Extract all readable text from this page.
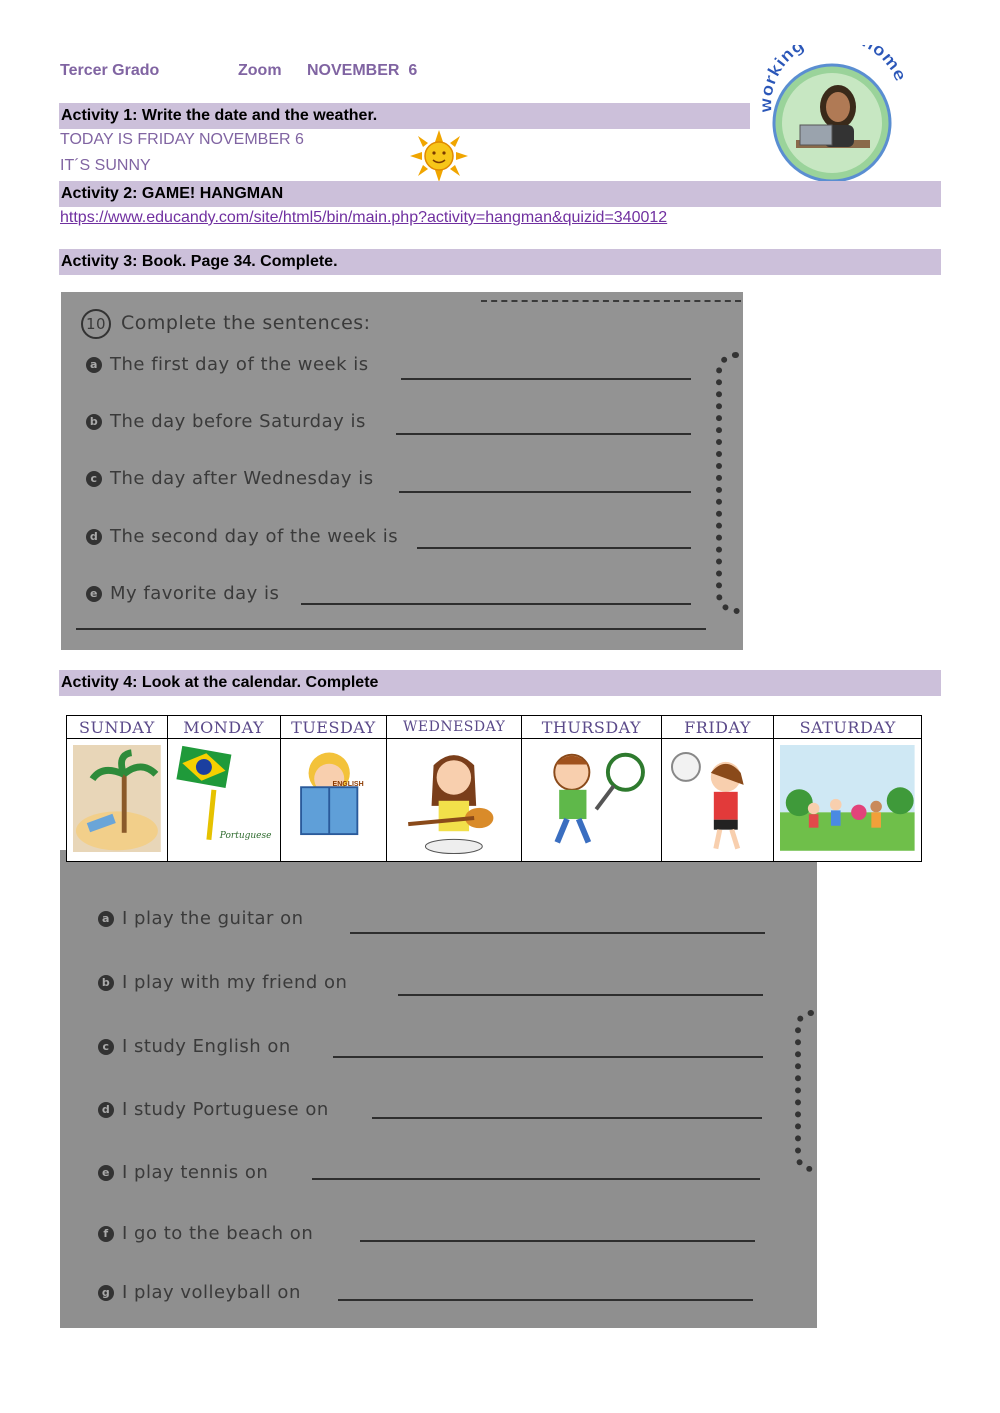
Tercer Grado	Zoom NOVEMBER  6
rking ome
Activity 1: Write the date and the weather.
TODAY IS FRIDAY NOVEMBER 6
IT´S SUNNY
Activity 2: GAME! HANGMAN
https://www.educandy.com/site/html5/bin/main.php?activity=hangman&quizid=340012
Activity 3: Book. Page 34. Complete.
10 Complete the sentences:
a The first day of the week is
b The day before Saturday is
c The day after Wednesday is
d The second day of the week is
e My favorite day is
Activity 4: Look at the calendar. Complete
a I play the guitar on
b I play with my friend on
c I study English on
d I study Portuguese on
e I play tennis on
f I go to the beach on
g I play volleyball on
SUNDAY	MONDAY	TUESDAY	WEDNESDAY	THURSDAY	FRIDAY	SATURDAY

Portuguese	ENGLISH
